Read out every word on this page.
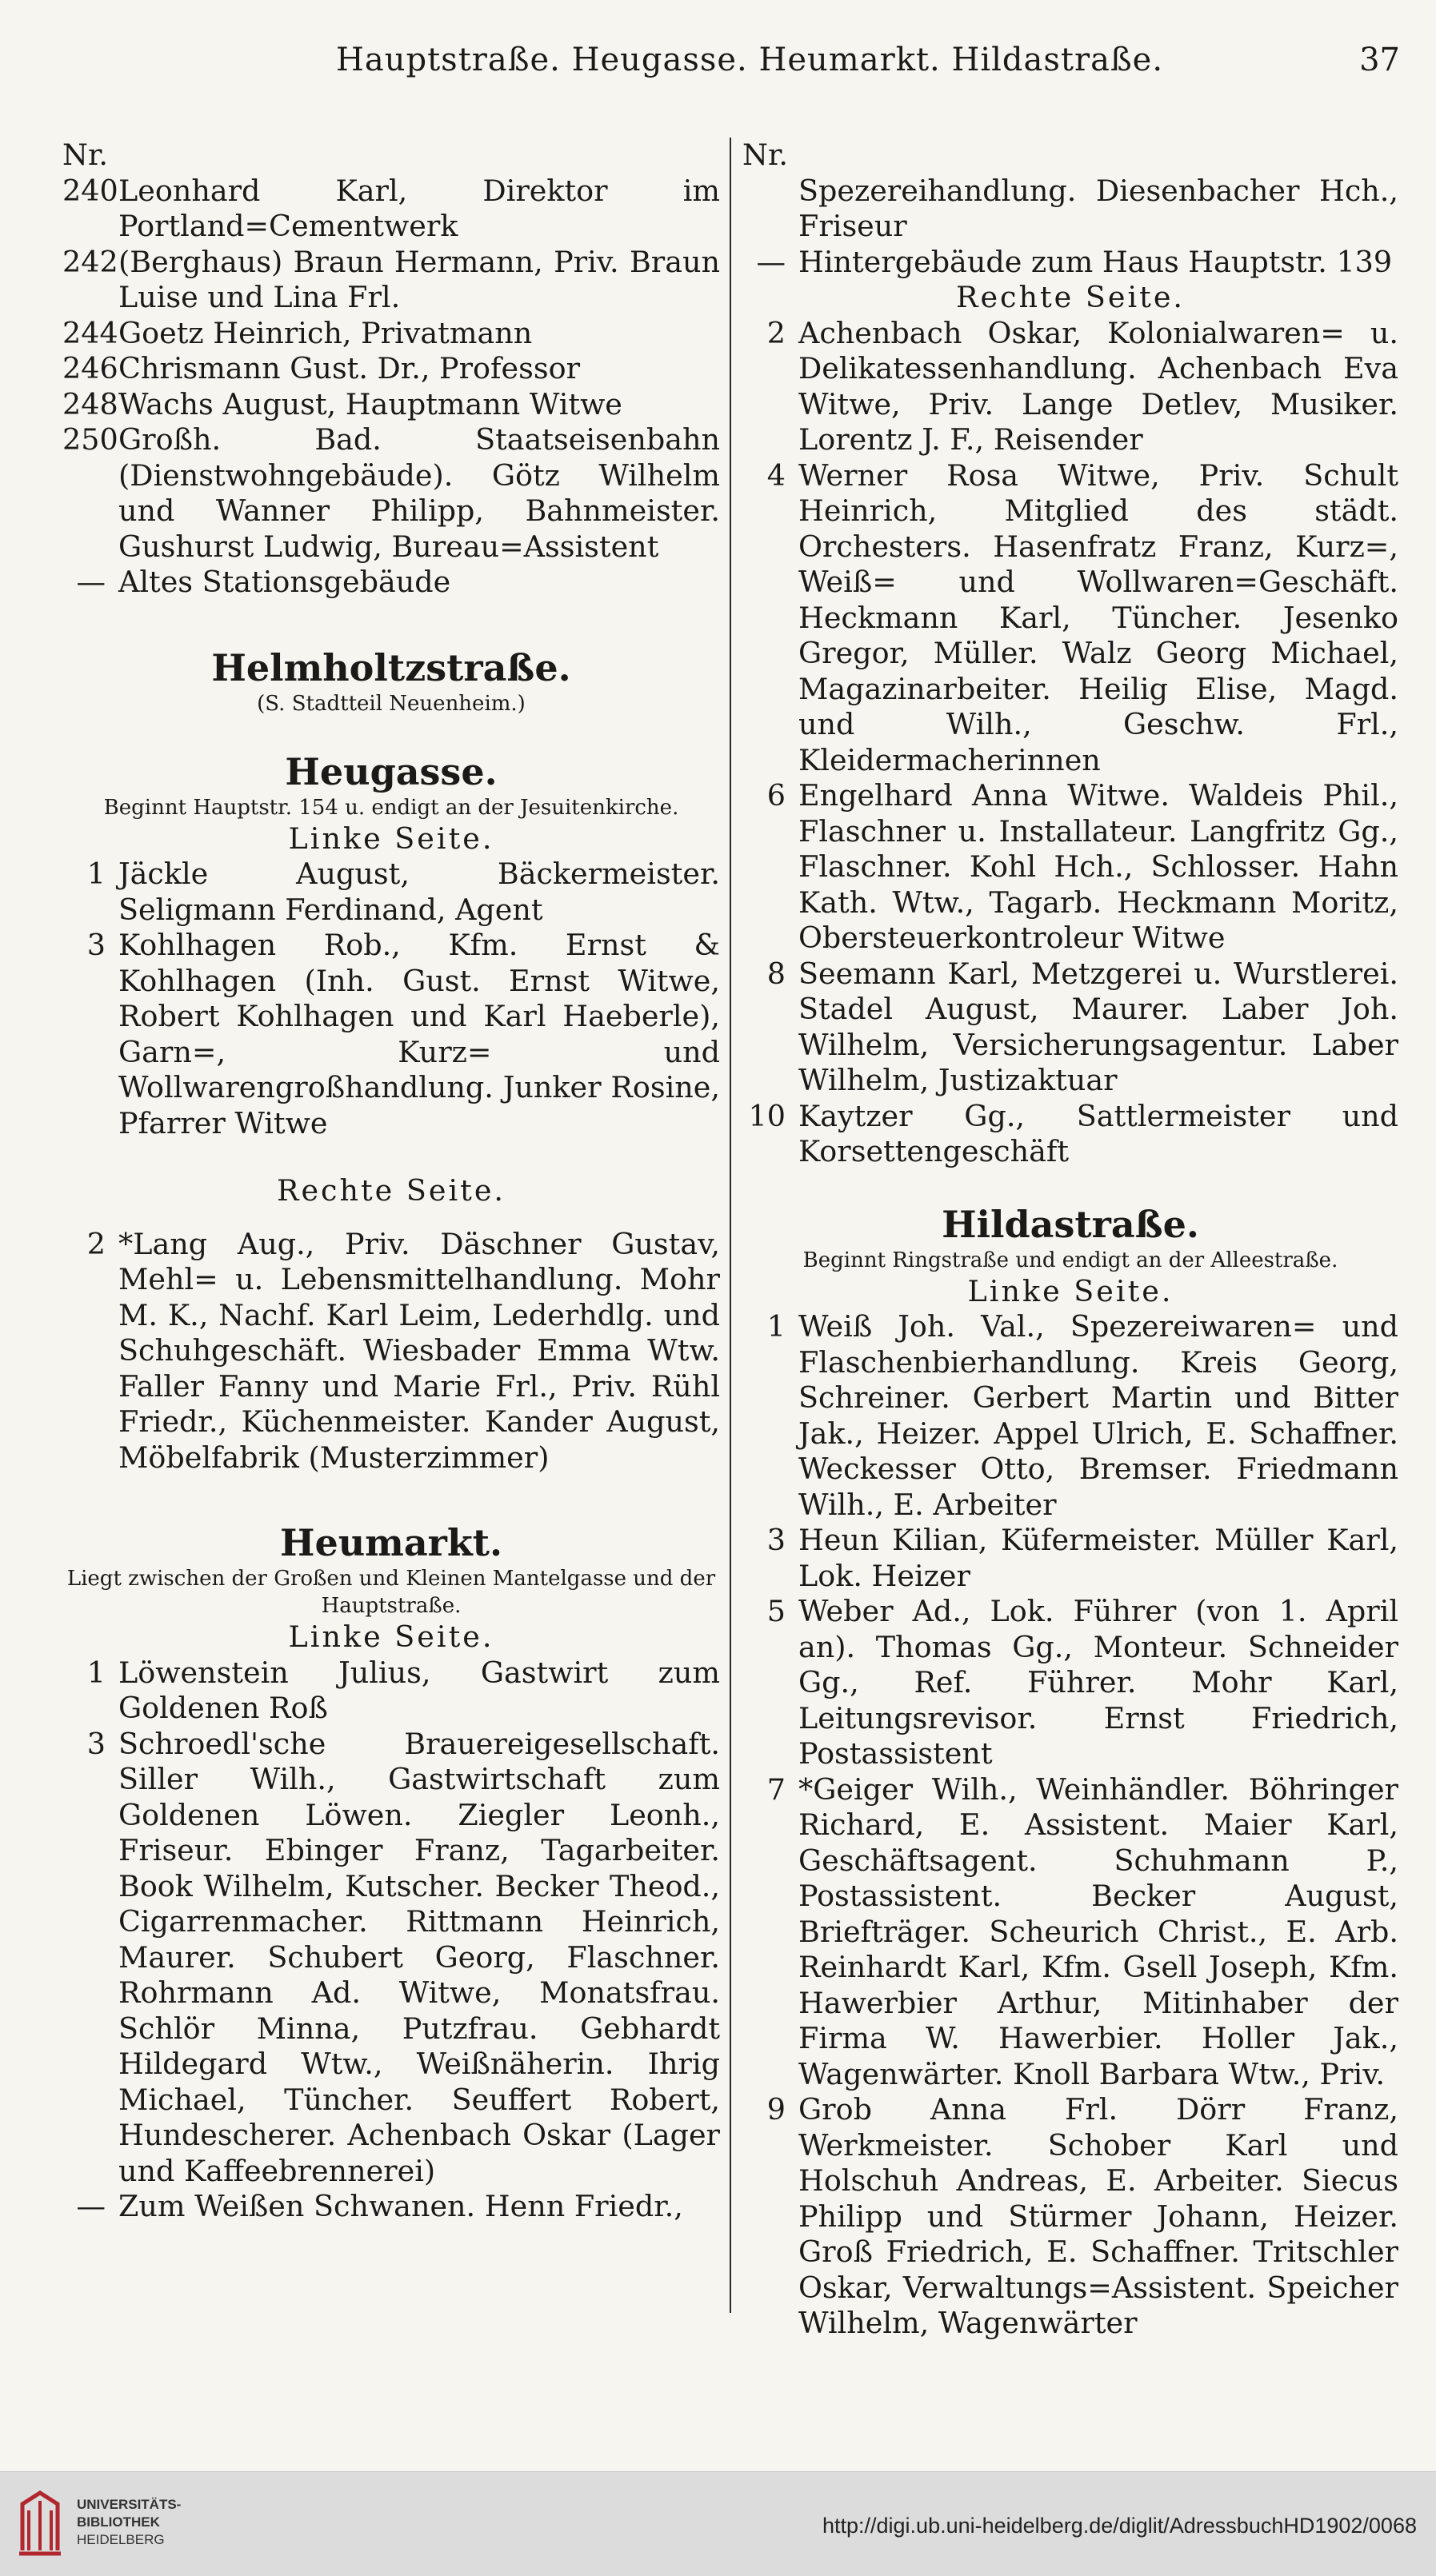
Hauptstraße. Heugasse. Heumarkt. Hildastraße.	37
Nr.
240 Leonhard Karl, Direktor im Portland=Cementwerk
242 (Berghaus) Braun Hermann, Priv. Braun Luise und Lina Frl.
244 Goetz Heinrich, Privatmann
246 Chrismann Gust. Dr., Professor
248 Wachs August, Hauptmann Witwe
250 Großh. Bad. Staatseisenbahn (Dienstwohngebäude). Götz Wilhelm und Wanner Philipp, Bahnmeister. Gushurst Ludwig, Bureau=Assistent
— Altes Stationsgebäude
Helmholtzstraße.
(S. Stadtteil Neuenheim.)
Heugasse.
Beginnt Hauptstr. 154 u. endigt an der Jesuitenkirche.
Linke Seite.
1 Jäckle August, Bäckermeister. Seligmann Ferdinand, Agent
3 Kohlhagen Rob., Kfm. Ernst & Kohlhagen (Inh. Gust. Ernst Witwe, Robert Kohlhagen und Karl Haeberle), Garn=, Kurz= und Wollwarengroßhandlung. Junker Rosine, Pfarrer Witwe
Rechte Seite.
2 *Lang Aug., Priv. Däschner Gustav, Mehl= u. Lebensmittelhandlung. Mohr M. K., Nachf. Karl Leim, Lederhdlg. und Schuhgeschäft. Wiesbader Emma Wtw. Faller Fanny und Marie Frl., Priv. Rühl Friedr., Küchenmeister. Kander August, Möbelfabrik (Musterzimmer)
Heumarkt.
Liegt zwischen der Großen und Kleinen Mantelgasse und der Hauptstraße.
Linke Seite.
1 Löwenstein Julius, Gastwirt zum Goldenen Roß
3 Schroedl'sche Brauereigesellschaft. Siller Wilh., Gastwirtschaft zum Goldenen Löwen. Ziegler Leonh., Friseur. Ebinger Franz, Tagarbeiter. Book Wilhelm, Kutscher. Becker Theod., Cigarrenmacher. Rittmann Heinrich, Maurer. Schubert Georg, Flaschner. Rohrmann Ad. Witwe, Monatsfrau. Schlör Minna, Putzfrau. Gebhardt Hildegard Wtw., Weißnäherin. Ihrig Michael, Tüncher. Seuffert Robert, Hundescherer. Achenbach Oskar (Lager und Kaffeebrennerei)
— Zum Weißen Schwanen. Henn Friedr.,
Nr.
Spezereihandlung. Diesenbacher Hch., Friseur
— Hintergebäude zum Haus Hauptstr. 139
Rechte Seite.
2 Achenbach Oskar, Kolonialwaren= u. Delikatessenhandlung. Achenbach Eva Witwe, Priv. Lange Detlev, Musiker. Lorentz J. F., Reisender
4 Werner Rosa Witwe, Priv. Schult Heinrich, Mitglied des städt. Orchesters. Hasenfratz Franz, Kurz=, Weiß= und Wollwaren=Geschäft. Heckmann Karl, Tüncher. Jesenko Gregor, Müller. Walz Georg Michael, Magazinarbeiter. Heilig Elise, Magd. und Wilh., Geschw. Frl., Kleidermacherinnen
6 Engelhard Anna Witwe. Waldeis Phil., Flaschner u. Installateur. Langfritz Gg., Flaschner. Kohl Hch., Schlosser. Hahn Kath. Wtw., Tagarb. Heckmann Moritz, Obersteuerkontroleur Witwe
8 Seemann Karl, Metzgerei u. Wurstlerei. Stadel August, Maurer. Laber Joh. Wilhelm, Versicherungsagentur. Laber Wilhelm, Justizaktuar
10 Kaytzer Gg., Sattlermeister und Korsettengeschäft
Hildastraße.
Beginnt Ringstraße und endigt an der Alleestraße.
Linke Seite.
1 Weiß Joh. Val., Spezereiwaren= und Flaschenbierhandlung. Kreis Georg, Schreiner. Gerbert Martin und Bitter Jak., Heizer. Appel Ulrich, E. Schaffner. Weckesser Otto, Bremser. Friedmann Wilh., E. Arbeiter
3 Heun Kilian, Küfermeister. Müller Karl, Lok. Heizer
5 Weber Ad., Lok. Führer (von 1. April an). Thomas Gg., Monteur. Schneider Gg., Ref. Führer. Mohr Karl, Leitungsrevisor. Ernst Friedrich, Postassistent
7 *Geiger Wilh., Weinhändler. Böhringer Richard, E. Assistent. Maier Karl, Geschäftsagent. Schuhmann P., Postassistent. Becker August, Briefträger. Scheurich Christ., E. Arb. Reinhardt Karl, Kfm. Gsell Joseph, Kfm. Hawerbier Arthur, Mitinhaber der Firma W. Hawerbier. Holler Jak., Wagenwärter. Knoll Barbara Wtw., Priv.
9 Grob Anna Frl. Dörr Franz, Werkmeister. Schober Karl und Holschuh Andreas, E. Arbeiter. Siecus Philipp und Stürmer Johann, Heizer. Groß Friedrich, E. Schaffner. Tritschler Oskar, Verwaltungs=Assistent. Speicher Wilhelm, Wagenwärter
UNIVERSITÄTS-
BIBLIOTHEK
HEIDELBERG
http://digi.ub.uni-heidelberg.de/diglit/AdressbuchHD1902/0068
